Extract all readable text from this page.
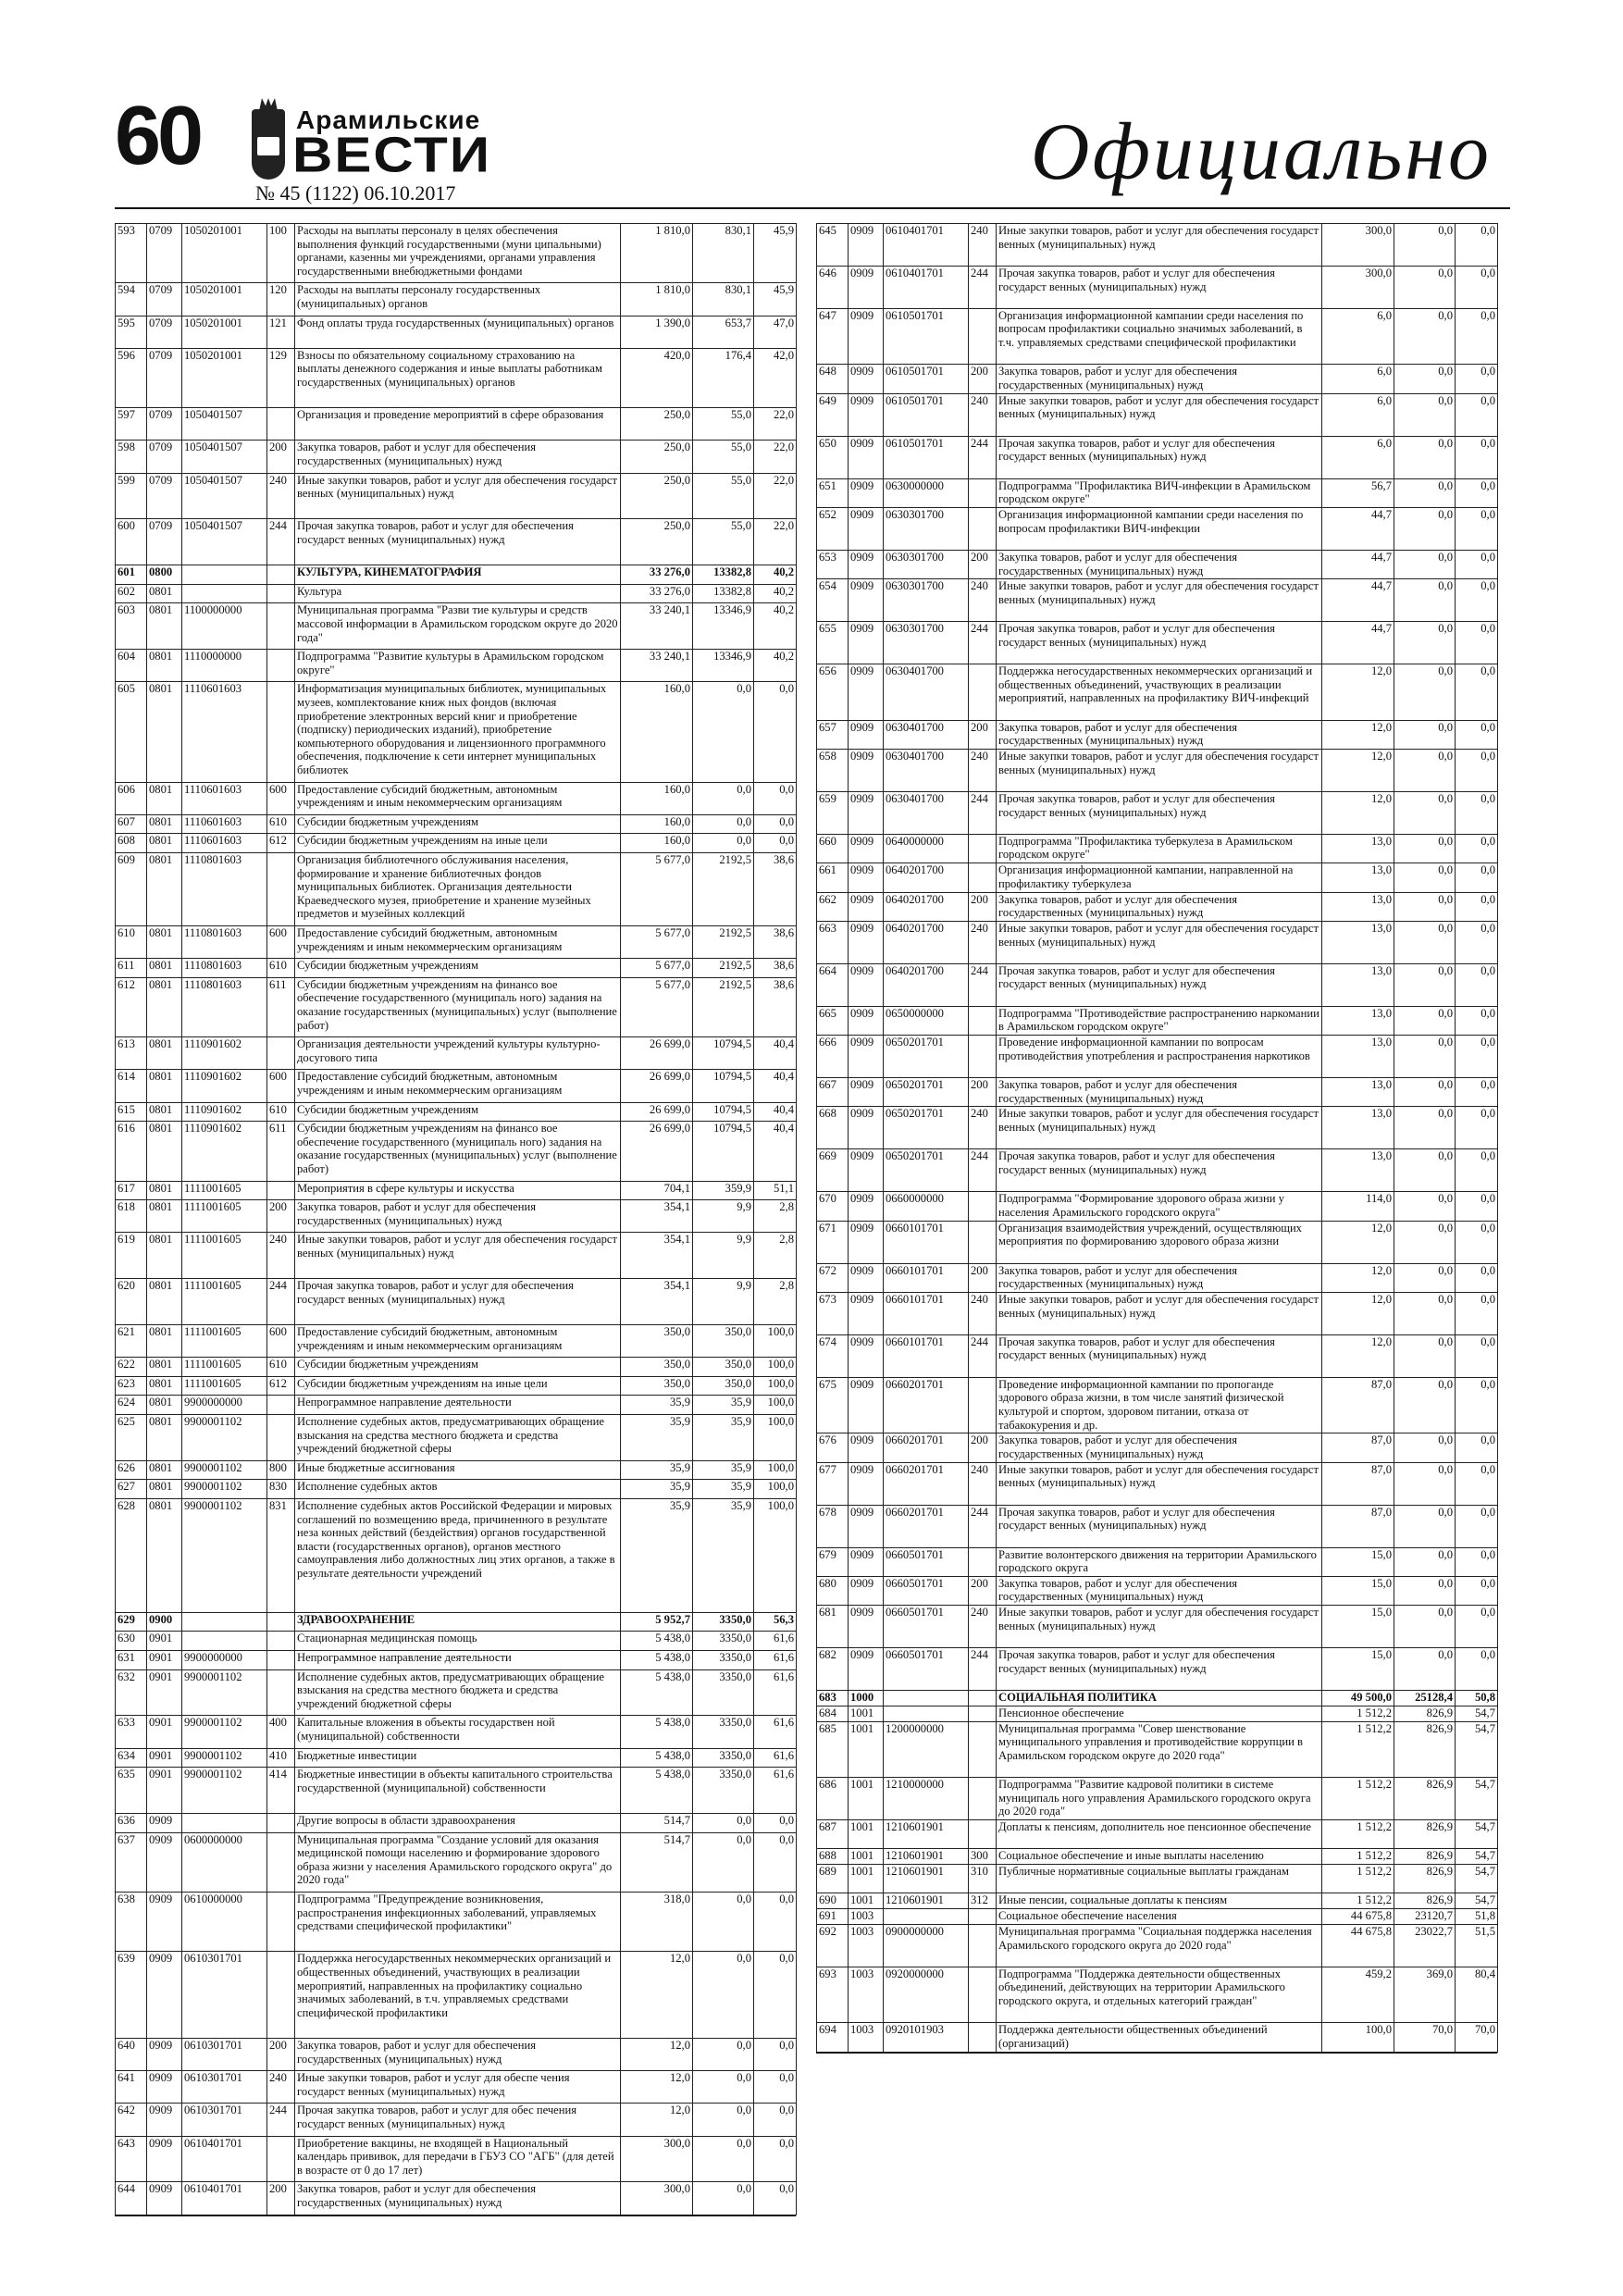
60	Арамильские
ВЕСТИ
№ 45 (1122) 06.10.2017	Официально
593	0709	1050201001	100	Расходы на выплаты персоналу в целях обеспечения выполнения функций государственными (муни ципальными) органами, казенны ми учреждениями, органами управления государственными внебюджетными фондами	1 810,0	830,1	45,9
594	0709	1050201001	120	Расходы на выплаты персоналу государственных (муниципальных) органов	1 810,0	830,1	45,9
595	0709	1050201001	121	Фонд оплаты труда государственных (муниципальных) органов	1 390,0	653,7	47,0
596	0709	1050201001	129	Взносы по обязательному социальному страхованию на выплаты денежного содержания и иные выплаты работникам государственных (муниципальных) органов	420,0	176,4	42,0
597	0709	1050401507		Организация и проведение мероприятий в сфере образования	250,0	55,0	22,0
598	0709	1050401507	200	Закупка товаров, работ и услуг для обеспечения государственных (муниципальных) нужд	250,0	55,0	22,0
599	0709	1050401507	240	Иные закупки товаров, работ и услуг для обеспечения государст венных (муниципальных) нужд	250,0	55,0	22,0
600	0709	1050401507	244	Прочая закупка товаров, работ и услуг для обеспечения государст венных (муниципальных) нужд	250,0	55,0	22,0
601	0800			КУЛЬТУРА, КИНЕМАТОГРАФИЯ	33 276,0	13382,8	40,2
602	0801			Культура	33 276,0	13382,8	40,2
603	0801	1100000000		Муниципальная программа "Разви тие культуры и средств массовой информации в Арамильском городском округе до 2020 года"	33 240,1	13346,9	40,2
604	0801	1110000000		Подпрограмма "Развитие культуры в Арамильском городском округе"	33 240,1	13346,9	40,2
605	0801	1110601603		Информатизация муниципальных библиотек, муниципальных музеев, комплектование книж ных фондов (включая приобретение электронных версий книг и приобретение (подписку) периодических изданий), приобретение компьютерного оборудования и лицензионного программного обеспечения, подключение к сети интернет муниципальных библиотек	160,0	0,0	0,0
606	0801	1110601603	600	Предоставление субсидий бюджетным, автономным учреждениям и иным некоммерческим организациям	160,0	0,0	0,0
607	0801	1110601603	610	Субсидии бюджетным учреждениям	160,0	0,0	0,0
608	0801	1110601603	612	Субсидии бюджетным учреждениям на иные цели	160,0	0,0	0,0
609	0801	1110801603		Организация библиотечного обслуживания населения, формирование и хранение библиотечных фондов муниципальных библиотек. Организация деятельности Краеведческого музея, приобретение и хранение музейных предметов и музейных коллекций	5 677,0	2192,5	38,6
610	0801	1110801603	600	Предоставление субсидий бюджетным, автономным учреждениям и иным некоммерческим организациям	5 677,0	2192,5	38,6
611	0801	1110801603	610	Субсидии бюджетным учреждениям	5 677,0	2192,5	38,6
612	0801	1110801603	611	Субсидии бюджетным учреждениям на финансо вое обеспечение государственного (муниципаль ного) задания на оказание государственных (муниципальных) услуг (выполнение работ)	5 677,0	2192,5	38,6
613	0801	1110901602		Организация деятельности учреждений культуры культурно-досугового типа	26 699,0	10794,5	40,4
614	0801	1110901602	600	Предоставление субсидий бюджетным, автономным учреждениям и иным некоммерческим организациям	26 699,0	10794,5	40,4
615	0801	1110901602	610	Субсидии бюджетным учреждениям	26 699,0	10794,5	40,4
616	0801	1110901602	611	Субсидии бюджетным учреждениям на финансо вое обеспечение государственного (муниципаль ного) задания на оказание государственных (муниципальных) услуг (выполнение работ)	26 699,0	10794,5	40,4
617	0801	1111001605		Мероприятия в сфере культуры и искусства	704,1	359,9	51,1
618	0801	1111001605	200	Закупка товаров, работ и услуг для обеспечения государственных (муниципальных) нужд	354,1	9,9	2,8
619	0801	1111001605	240	Иные закупки товаров, работ и услуг для обеспечения государст венных (муниципальных) нужд	354,1	9,9	2,8
620	0801	1111001605	244	Прочая закупка товаров, работ и услуг для обеспечения государст венных (муниципальных) нужд	354,1	9,9	2,8
621	0801	1111001605	600	Предоставление субсидий бюджетным, автономным учреждениям и иным некоммерческим организациям	350,0	350,0	100,0
622	0801	1111001605	610	Субсидии бюджетным учреждениям	350,0	350,0	100,0
623	0801	1111001605	612	Субсидии бюджетным учреждениям на иные цели	350,0	350,0	100,0
624	0801	9900000000		Непрограммное направление деятельности	35,9	35,9	100,0
625	0801	9900001102		Исполнение судебных актов, предусматривающих обращение взыскания на средства местного бюджета и средства учреждений бюджетной сферы	35,9	35,9	100,0
626	0801	9900001102	800	Иные бюджетные ассигнования	35,9	35,9	100,0
627	0801	9900001102	830	Исполнение судебных актов	35,9	35,9	100,0
628	0801	9900001102	831	Исполнение судебных актов Российской Федерации и мировых соглашений по возмещению вреда, причиненного в результате неза конных действий (бездействия) органов государственной власти (государственных органов), органов местного самоуправления либо должностных лиц этих органов, а также в результате деятельности учреждений	35,9	35,9	100,0
629	0900			ЗДРАВООХРАНЕНИЕ	5 952,7	3350,0	56,3
630	0901			Стационарная медицинская помощь	5 438,0	3350,0	61,6
631	0901	9900000000		Непрограммное направление деятельности	5 438,0	3350,0	61,6
632	0901	9900001102		Исполнение судебных актов, предусматривающих обращение взыскания на средства местного бюджета и средства учреждений бюджетной сферы	5 438,0	3350,0	61,6
633	0901	9900001102	400	Капитальные вложения в объекты государствен ной (муниципальной) собственности	5 438,0	3350,0	61,6
634	0901	9900001102	410	Бюджетные инвестиции	5 438,0	3350,0	61,6
635	0901	9900001102	414	Бюджетные инвестиции в объекты капитального строительства государственной (муниципальной) собственности	5 438,0	3350,0	61,6
636	0909			Другие вопросы в области здравоохранения	514,7	0,0	0,0
637	0909	0600000000		Муниципальная программа "Создание условий для оказания медицинской помощи населению и формирование здорового образа жизни у населения Арамильского городского округа" до 2020 года"	514,7	0,0	0,0
638	0909	0610000000		Подпрограмма "Предупреждение возникновения, распространения инфекционных заболеваний, управляемых средствами специфической профилактики"	318,0	0,0	0,0
639	0909	0610301701		Поддержка негосударственных некоммерческих организаций и общественных объединений, участвующих в реализации мероприятий, направленных на профилактику социально значимых заболеваний, в т.ч. управляемых средствами специфической профилактики	12,0	0,0	0,0
640	0909	0610301701	200	Закупка товаров, работ и услуг для обеспечения государственных (муниципальных) нужд	12,0	0,0	0,0
641	0909	0610301701	240	Иные закупки товаров, работ и услуг для обеспе чения государст венных (муниципальных) нужд	12,0	0,0	0,0
642	0909	0610301701	244	Прочая закупка товаров, работ и услуг для обес печения государст венных (муниципальных) нужд	12,0	0,0	0,0
643	0909	0610401701		Приобретение вакцины, не входящей в Национальный календарь прививок, для передачи в ГБУЗ СО "АГБ" (для детей в возрасте от 0 до 17 лет)	300,0	0,0	0,0
644	0909	0610401701	200	Закупка товаров, работ и услуг для обеспечения государственных (муниципальных) нужд	300,0	0,0	0,0
645	0909	0610401701	240	Иные закупки товаров, работ и услуг для обеспечения государст венных (муниципальных) нужд	300,0	0,0	0,0
646	0909	0610401701	244	Прочая закупка товаров, работ и услуг для обеспечения государст венных (муниципальных) нужд	300,0	0,0	0,0
647	0909	0610501701		Организация информационной кампании среди населения по вопросам профилактики социально значимых заболеваний, в т.ч. управляемых средствами специфической профилактики	6,0	0,0	0,0
648	0909	0610501701	200	Закупка товаров, работ и услуг для обеспечения государственных (муниципальных) нужд	6,0	0,0	0,0
649	0909	0610501701	240	Иные закупки товаров, работ и услуг для обеспечения государст венных (муниципальных) нужд	6,0	0,0	0,0
650	0909	0610501701	244	Прочая закупка товаров, работ и услуг для обеспечения государст венных (муниципальных) нужд	6,0	0,0	0,0
651	0909	0630000000		Подпрограмма "Профилактика ВИЧ-инфекции в Арамильском городском округе"	56,7	0,0	0,0
652	0909	0630301700		Организация информационной кампании среди населения по вопросам профилактики ВИЧ-инфекции	44,7	0,0	0,0
653	0909	0630301700	200	Закупка товаров, работ и услуг для обеспечения государственных (муниципальных) нужд	44,7	0,0	0,0
654	0909	0630301700	240	Иные закупки товаров, работ и услуг для обеспечения государст венных (муниципальных) нужд	44,7	0,0	0,0
655	0909	0630301700	244	Прочая закупка товаров, работ и услуг для обеспечения государст венных (муниципальных) нужд	44,7	0,0	0,0
656	0909	0630401700		Поддержка негосударственных некоммерческих организаций и общественных объединений, участвующих в реализации мероприятий, направленных на профилактику ВИЧ-инфекций	12,0	0,0	0,0
657	0909	0630401700	200	Закупка товаров, работ и услуг для обеспечения государственных (муниципальных) нужд	12,0	0,0	0,0
658	0909	0630401700	240	Иные закупки товаров, работ и услуг для обеспечения государст венных (муниципальных) нужд	12,0	0,0	0,0
659	0909	0630401700	244	Прочая закупка товаров, работ и услуг для обеспечения государст венных (муниципальных) нужд	12,0	0,0	0,0
660	0909	0640000000		Подпрограмма "Профилактика туберкулеза в Арамильском городском округе"	13,0	0,0	0,0
661	0909	0640201700		Организация информационной кампании, направленной на профилактику туберкулеза	13,0	0,0	0,0
662	0909	0640201700	200	Закупка товаров, работ и услуг для обеспечения государственных (муниципальных) нужд	13,0	0,0	0,0
663	0909	0640201700	240	Иные закупки товаров, работ и услуг для обеспечения государст венных (муниципальных) нужд	13,0	0,0	0,0
664	0909	0640201700	244	Прочая закупка товаров, работ и услуг для обеспечения государст венных (муниципальных) нужд	13,0	0,0	0,0
665	0909	0650000000		Подпрограмма "Противодействие распространению наркомании в Арамильском городском округе"	13,0	0,0	0,0
666	0909	0650201701		Проведение информационной кампании по вопросам противодействия употребления и распространения наркотиков	13,0	0,0	0,0
667	0909	0650201701	200	Закупка товаров, работ и услуг для обеспечения государственных (муниципальных) нужд	13,0	0,0	0,0
668	0909	0650201701	240	Иные закупки товаров, работ и услуг для обеспечения государст венных (муниципальных) нужд	13,0	0,0	0,0
669	0909	0650201701	244	Прочая закупка товаров, работ и услуг для обеспечения государст венных (муниципальных) нужд	13,0	0,0	0,0
670	0909	0660000000		Подпрограмма "Формирование здорового образа жизни у населения Арамильского городского округа"	114,0	0,0	0,0
671	0909	0660101701		Организация взаимодействия учреждений, осуществляющих мероприятия по формированию здорового образа жизни	12,0	0,0	0,0
672	0909	0660101701	200	Закупка товаров, работ и услуг для обеспечения государственных (муниципальных) нужд	12,0	0,0	0,0
673	0909	0660101701	240	Иные закупки товаров, работ и услуг для обеспечения государст венных (муниципальных) нужд	12,0	0,0	0,0
674	0909	0660101701	244	Прочая закупка товаров, работ и услуг для обеспечения государст венных (муниципальных) нужд	12,0	0,0	0,0
675	0909	0660201701		Проведение информационной кампании по пропоганде здорового образа жизни, в том числе занятий физической культурой и спортом, здоровом питании, отказа от табакокурения и др.	87,0	0,0	0,0
676	0909	0660201701	200	Закупка товаров, работ и услуг для обеспечения государственных (муниципальных) нужд	87,0	0,0	0,0
677	0909	0660201701	240	Иные закупки товаров, работ и услуг для обеспечения государст венных (муниципальных) нужд	87,0	0,0	0,0
678	0909	0660201701	244	Прочая закупка товаров, работ и услуг для обеспечения государст венных (муниципальных) нужд	87,0	0,0	0,0
679	0909	0660501701		Развитие волонтерского движения на территории Арамильского городского округа	15,0	0,0	0,0
680	0909	0660501701	200	Закупка товаров, работ и услуг для обеспечения государственных (муниципальных) нужд	15,0	0,0	0,0
681	0909	0660501701	240	Иные закупки товаров, работ и услуг для обеспечения государст венных (муниципальных) нужд	15,0	0,0	0,0
682	0909	0660501701	244	Прочая закупка товаров, работ и услуг для обеспечения государст венных (муниципальных) нужд	15,0	0,0	0,0
683	1000			СОЦИАЛЬНАЯ ПОЛИТИКА	49 500,0	25128,4	50,8
684	1001			Пенсионное обеспечение	1 512,2	826,9	54,7
685	1001	1200000000		Муниципальная программа "Совер шенствование муниципального управления и противодействие коррупции в Арамильском городском округе до 2020 года"	1 512,2	826,9	54,7
686	1001	1210000000		Подпрограмма "Развитие кадровой политики в системе муниципаль ного управления Арамильского городского округа до 2020 года"	1 512,2	826,9	54,7
687	1001	1210601901		Доплаты к пенсиям, дополнитель ное пенсионное обеспечение	1 512,2	826,9	54,7
688	1001	1210601901	300	Социальное обеспечение и иные выплаты населению	1 512,2	826,9	54,7
689	1001	1210601901	310	Публичные нормативные социальные выплаты гражданам	1 512,2	826,9	54,7
690	1001	1210601901	312	Иные пенсии, социальные доплаты к пенсиям	1 512,2	826,9	54,7
691	1003			Социальное обеспечение населения	44 675,8	23120,7	51,8
692	1003	0900000000		Муниципальная программа "Социальная поддержка населения Арамильского городского округа до 2020 года"	44 675,8	23022,7	51,5
693	1003	0920000000		Подпрограмма "Поддержка деятельности общественных объединений, действующих на территории Арамильского городского округа, и отдельных категорий граждан"	459,2	369,0	80,4
694	1003	0920101903		Поддержка деятельности общественных объединений (организаций)	100,0	70,0	70,0
